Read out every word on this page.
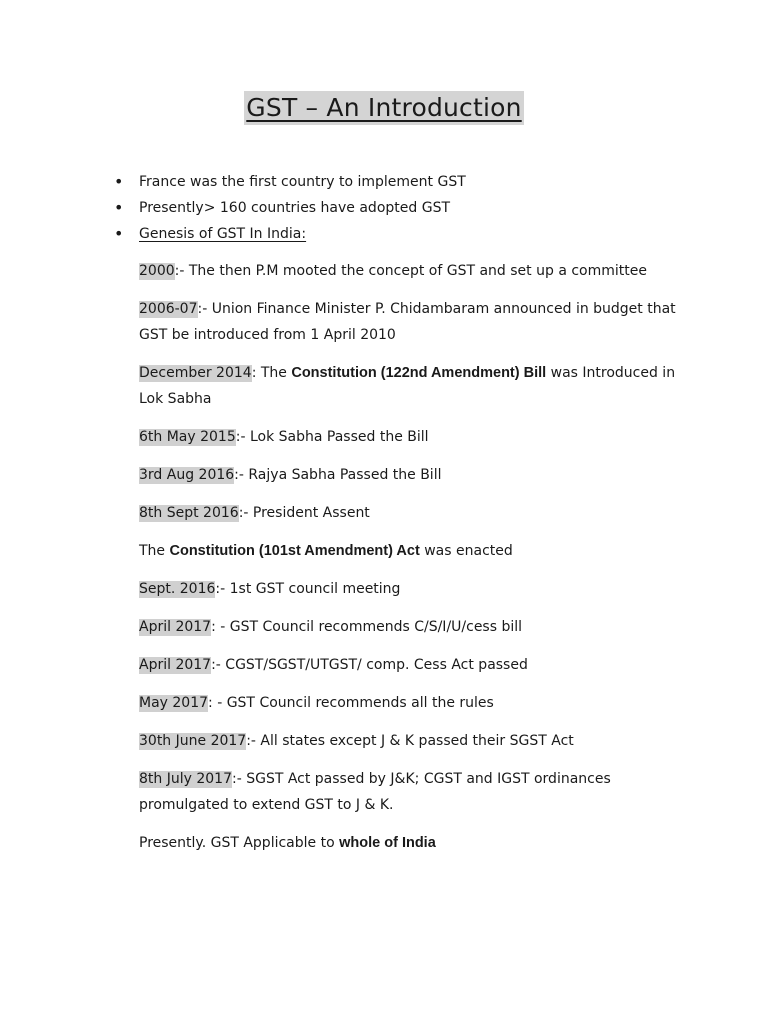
GST – An Introduction
• France was the first country to implement GST
• Presently> 160 countries have adopted GST
• Genesis of GST In India:

2000:- The then P.M mooted the concept of GST and set up a committee

2006-07:- Union Finance Minister P. Chidambaram announced in budget that GST be introduced from 1 April 2010

December 2014: The Constitution (122nd Amendment) Bill was Introduced in Lok Sabha

6th May 2015:- Lok Sabha Passed the Bill

3rd Aug 2016:- Rajya Sabha Passed the Bill

8th Sept 2016:- President Assent

The Constitution (101st Amendment) Act was enacted

Sept. 2016:- 1st GST council meeting

April 2017: - GST Council recommends C/S/I/U/cess bill

April 2017:- CGST/SGST/UTGST/ comp. Cess Act passed

May 2017: - GST Council recommends all the rules

30th June 2017:- All states except J & K passed their SGST Act

8th July 2017:- SGST Act passed by J&K; CGST and IGST ordinances promulgated to extend GST to J & K.

Presently. GST Applicable to whole of India
